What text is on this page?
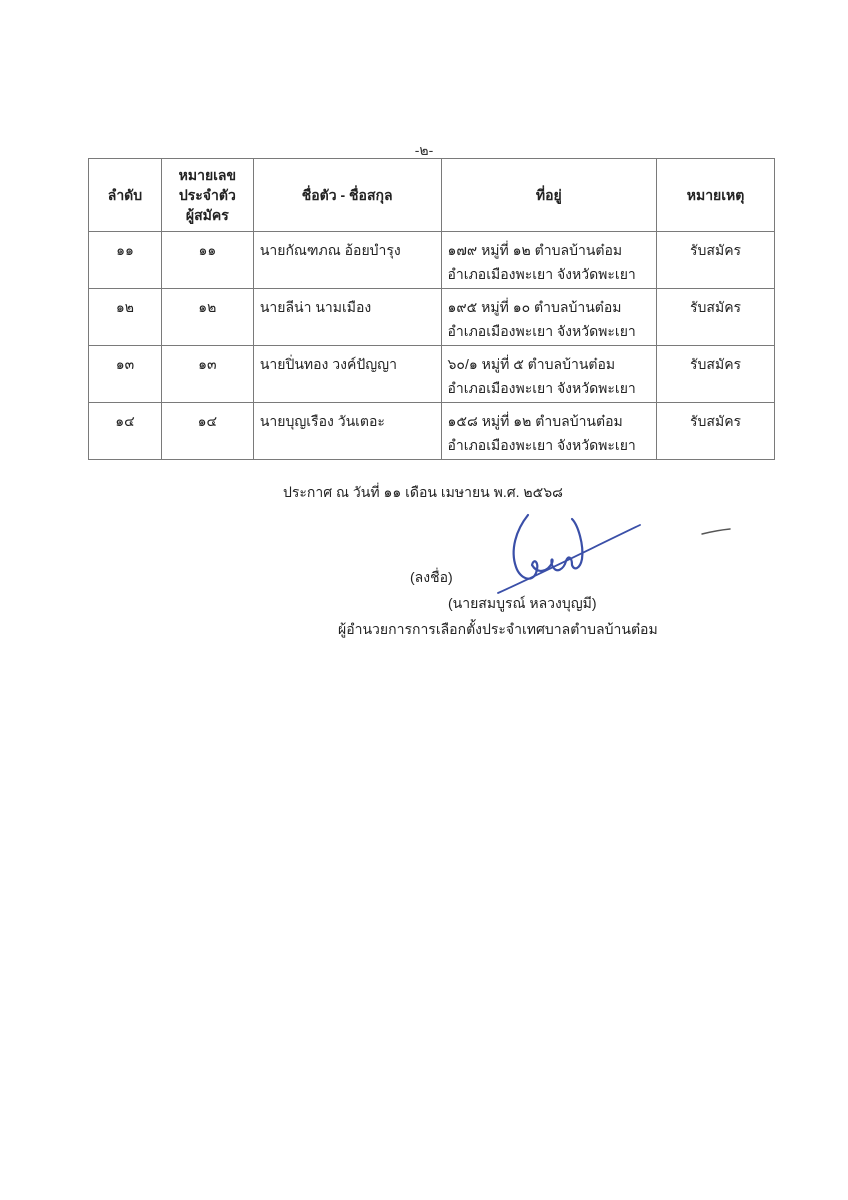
-๒-
ลำดับ	หมายเลข
ประจำตัว
ผู้สมัคร	ชื่อตัว - ชื่อสกุล	ที่อยู่	หมายเหตุ
๑๑	๑๑	นายกัณฑภณ อ้อยบำรุง	๑๗๙ หมู่ที่ ๑๒ ตำบลบ้านต๋อม
อำเภอเมืองพะเยา จังหวัดพะเยา	รับสมัคร
๑๒	๑๒	นายลีน่า นามเมือง	๑๙๕ หมู่ที่ ๑๐ ตำบลบ้านต๋อม
อำเภอเมืองพะเยา จังหวัดพะเยา	รับสมัคร
๑๓	๑๓	นายปิ่นทอง วงค์ปัญญา	๖๐/๑ หมู่ที่ ๕ ตำบลบ้านต๋อม
อำเภอเมืองพะเยา จังหวัดพะเยา	รับสมัคร
๑๔	๑๔	นายบุญเรือง วันเตอะ	๑๕๘ หมู่ที่ ๑๒ ตำบลบ้านต๋อม
อำเภอเมืองพะเยา จังหวัดพะเยา	รับสมัคร
ประกาศ ณ วันที่ ๑๑ เดือน เมษายน พ.ศ. ๒๕๖๘
(ลงชื่อ)
(นายสมบูรณ์ หลวงบุญมี)
ผู้อำนวยการการเลือกตั้งประจำเทศบาลตำบลบ้านต๋อม
